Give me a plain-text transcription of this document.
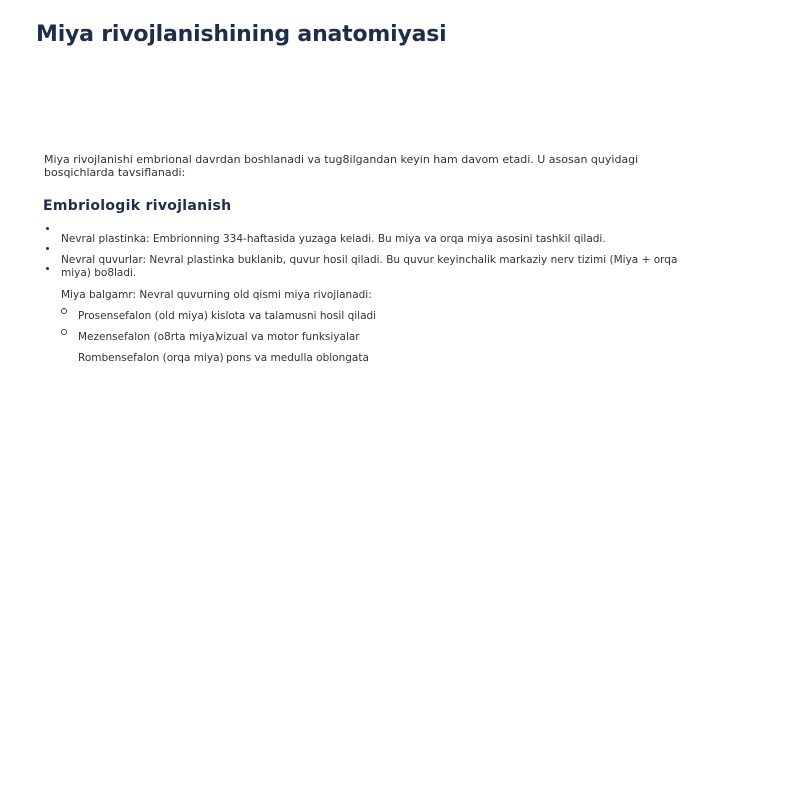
Miya rivojlanishining anatomiyasi

Miya rivojlanishi embrional davrdan boshlanadi va tug8ilgandan keyin ham davom etadi. U asosan quyidagi bosqichlarda tavsiflanadi:

Embriologik rivojlanish
Nevral plastinka: Embrionning 334-haftasida yuzaga keladi. Bu miya va orqa miya asosini tashkil qiladi.
Nevral quvurlar: Nevral plastinka buklanib, quvur hosil qiladi. Bu quvur keyinchalik markaziy nerv tizimi (Miya + orqa miya) bo8ladi.
Miya balgamr: Nevral quvurning old qismi miya rivojlanadi:
Prosensefalon (old miya) kislota va talamusni hosil qiladi
Mezensefalon (o8rta miya)
vizual va motor funksiyalar
Rombensefalon (orqa miya) pons va medulla oblongata
